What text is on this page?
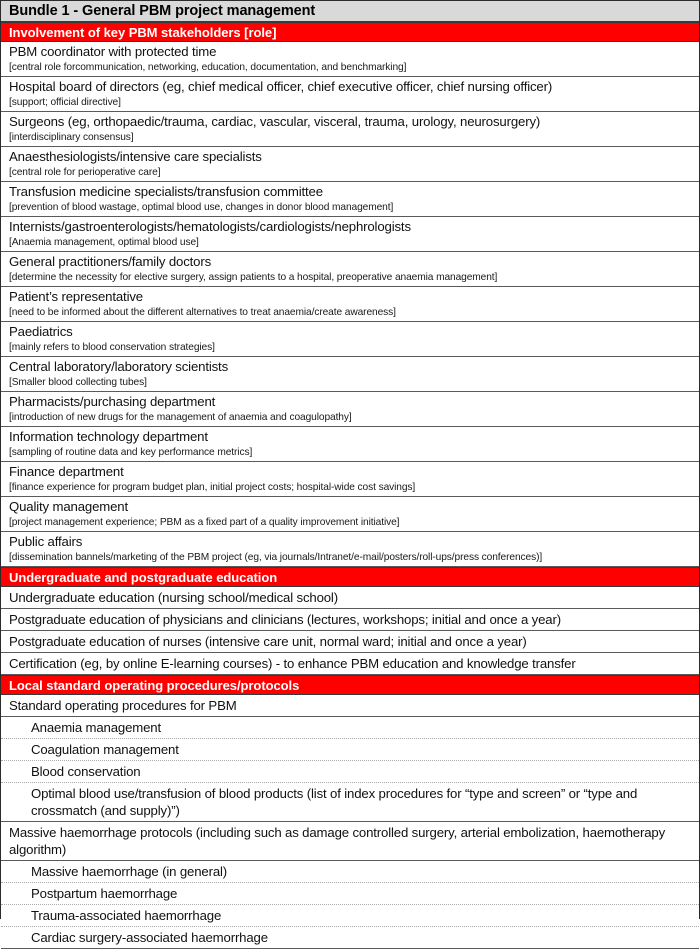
Bundle 1 - General PBM project management
Involvement of key PBM stakeholders [role]
PBM coordinator with protected time
[central role forcommunication, networking, education, documentation, and benchmarking]
Hospital board of directors (eg, chief medical officer, chief executive officer, chief nursing officer)
[support; official directive]
Surgeons (eg, orthopaedic/trauma, cardiac, vascular, visceral, trauma, urology, neurosurgery)
[interdisciplinary consensus]
Anaesthesiologists/intensive care specialists
[central role for perioperative care]
Transfusion medicine specialists/transfusion committee
[prevention of blood wastage, optimal blood use, changes in donor blood management]
Internists/gastroenterologists/hematologists/cardiologists/nephrologists
[Anaemia management, optimal blood use]
General practitioners/family doctors
[determine the necessity for elective surgery, assign patients to a hospital, preoperative anaemia management]
Patient’s representative
[need to be informed about the different alternatives to treat anaemia/create awareness]
Paediatrics
[mainly refers to blood conservation strategies]
Central laboratory/laboratory scientists
[Smaller blood collecting tubes]
Pharmacists/purchasing department
[introduction of new drugs for the management of anaemia and coagulopathy]
Information technology department
[sampling of routine data and key performance metrics]
Finance department
[finance experience for program budget plan, initial project costs; hospital-wide cost savings]
Quality management
[project management experience; PBM as a fixed part of a quality improvement initiative]
Public affairs
[dissemination bannels/marketing of the PBM project (eg, via journals/Intranet/e-mail/posters/roll-ups/press conferences)]
Undergraduate and postgraduate education
Undergraduate education (nursing school/medical school)
Postgraduate education of physicians and clinicians (lectures, workshops; initial and once a year)
Postgraduate education of nurses (intensive care unit, normal ward; initial and once a year)
Certification (eg, by online E-learning courses) - to enhance PBM education and knowledge transfer
Local standard operating procedures/protocols
Standard operating procedures for PBM
Anaemia management
Coagulation management
Blood conservation
Optimal blood use/transfusion of blood products (list of index procedures for “type and screen” or “type and crossmatch (and supply)”)
Massive haemorrhage protocols (including such as damage controlled surgery, arterial embolization, haemotherapy algorithm)
Massive haemorrhage (in general)
Postpartum haemorrhage
Trauma-associated haemorrhage
Cardiac surgery-associated haemorrhage
